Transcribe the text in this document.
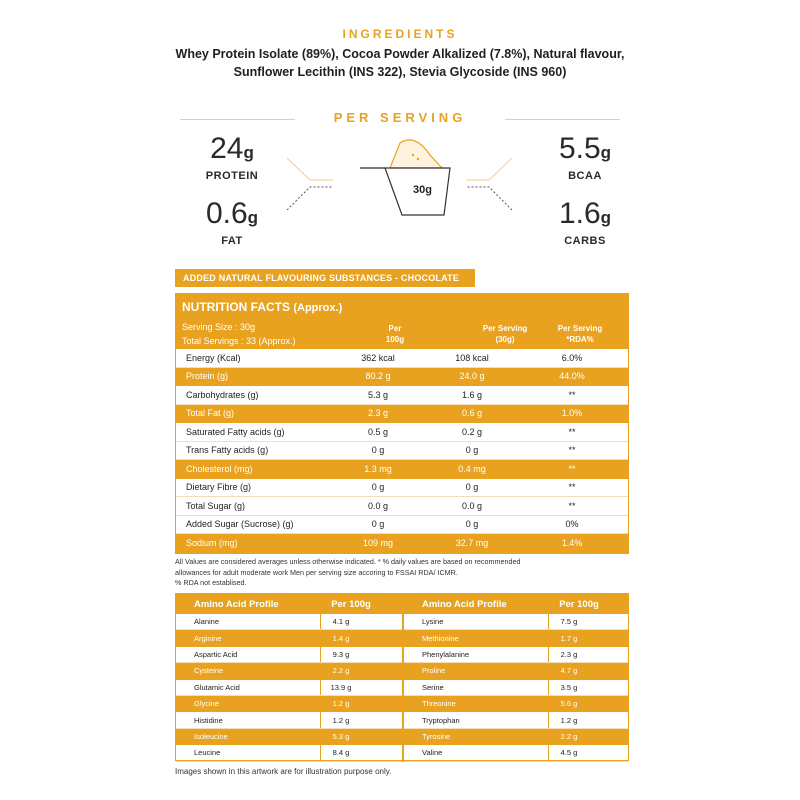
INGREDIENTS
Whey Protein Isolate (89%), Cocoa Powder Alkalized (7.8%), Natural flavour,
Sunflower Lecithin (INS 322), Stevia Glycoside (INS 960)
PER SERVING
24g
PROTEIN
0.6g
FAT
5.5g
BCAA
1.6g
CARBS
30g
ADDED NATURAL FLAVOURING SUBSTANCES - CHOCOLATE
NUTRITION FACTS (Approx.)
Serving Size : 30g
Total Servings : 33 (Approx.)
Per
100g
Per Serving
(30g)
Per Serving
*RDA%
Energy (Kcal)	362 kcal	108 kcal	6.0%
Protein (g)	80.2 g	24.0 g	44.0%
Carbohydrates (g)	5.3 g	1.6 g	**
Total Fat (g)	2.3 g	0.6 g	1.0%
Saturated Fatty acids (g)	0.5 g	0.2 g	**
Trans Fatty acids (g)	0 g	0 g	**
Cholesterol (mg)	1.3 mg	0.4 mg	**
Dietary Fibre (g)	0 g	0 g	**
Total Sugar (g)	0.0 g	0.0 g	**
Added Sugar (Sucrose) (g)	0 g	0 g	0%
Sodium (mg)	109 mg	32.7 mg	1.4%
All Values are considered averages unless otherwise indicated. * % daily values are based on recommended
allowances for adult moderate work Men per serving size accoring to FSSAI RDA/ ICMR.
% RDA not establised.
Amino Acid Profile	Per 100g
Alanine	4.1 g
Arginine	1.4 g
Aspartic Acid	9.3 g
Cysteine	2.2 g
Glutamic Acid	13.9 g
Glycine	1.2 g
Histidine	1.2 g
Isoleucine	5.3 g
Leucine	8.4 g
Amino Acid Profile	Per 100g
Lysine	7.5 g
Methionine	1.7 g
Phenylalanine	2.3 g
Proline	4.7 g
Serine	3.5 g
Threonine	5.6 g
Tryptophan	1.2 g
Tyrosine	2.2 g
Valine	4.5 g
Images shown in this artwork are for illustration purpose only.
